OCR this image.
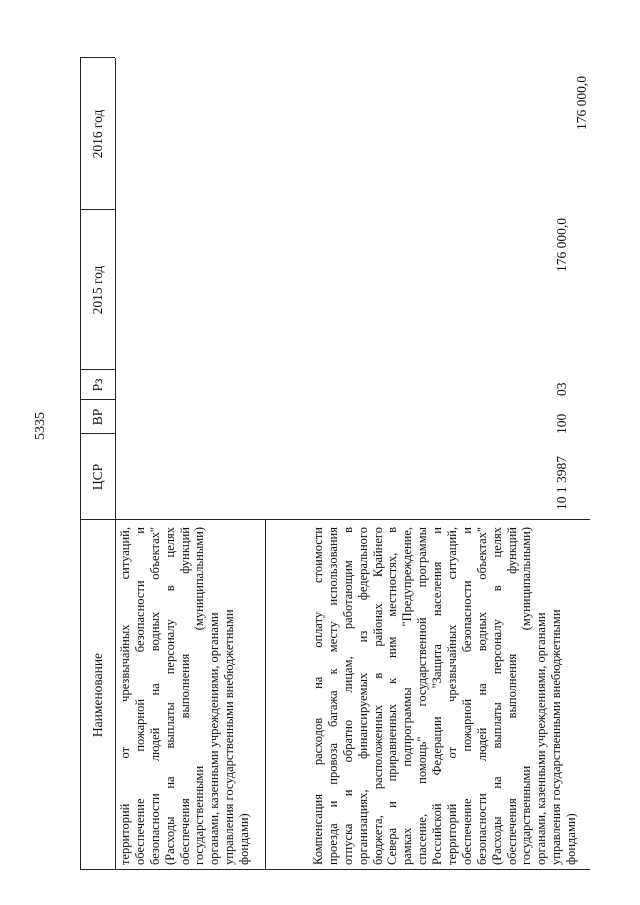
5335
Наименование
ЦСР
ВР
Рз
2015 год
2016 год
территорий от чрезвычайных ситуаций, обеспечение пожарной безопасности и безопасности людей на водных объектах" (Расходы на выплаты персоналу в целях обеспечения выполнения функций государственными (муниципальными) органами, казенными учреждениями, органами управления государственными внебюджетными фондами)	Компенсация расходов на оплату стоимости проезда и провоза багажа к месту использования отпуска и обратно лицам, работающим в организациях, финансируемых из федерального бюджета, расположенных в районах Крайнего Севера и приравненных к ним местностях, в рамках подпрограммы "Предупреждение, спасение, помощь" государственной программы Российской Федерации "Защита населения и территорий от чрезвычайных ситуаций, обеспечение пожарной безопасности и безопасности людей на водных объектах" (Расходы на выплаты персоналу в целях обеспечения выполнения функций государственными (муниципальными) органами, казенными учреждениями, органами управления государственными внебюджетными фондами)
10 1 3987
100
03
176 000,0
176 000,0
